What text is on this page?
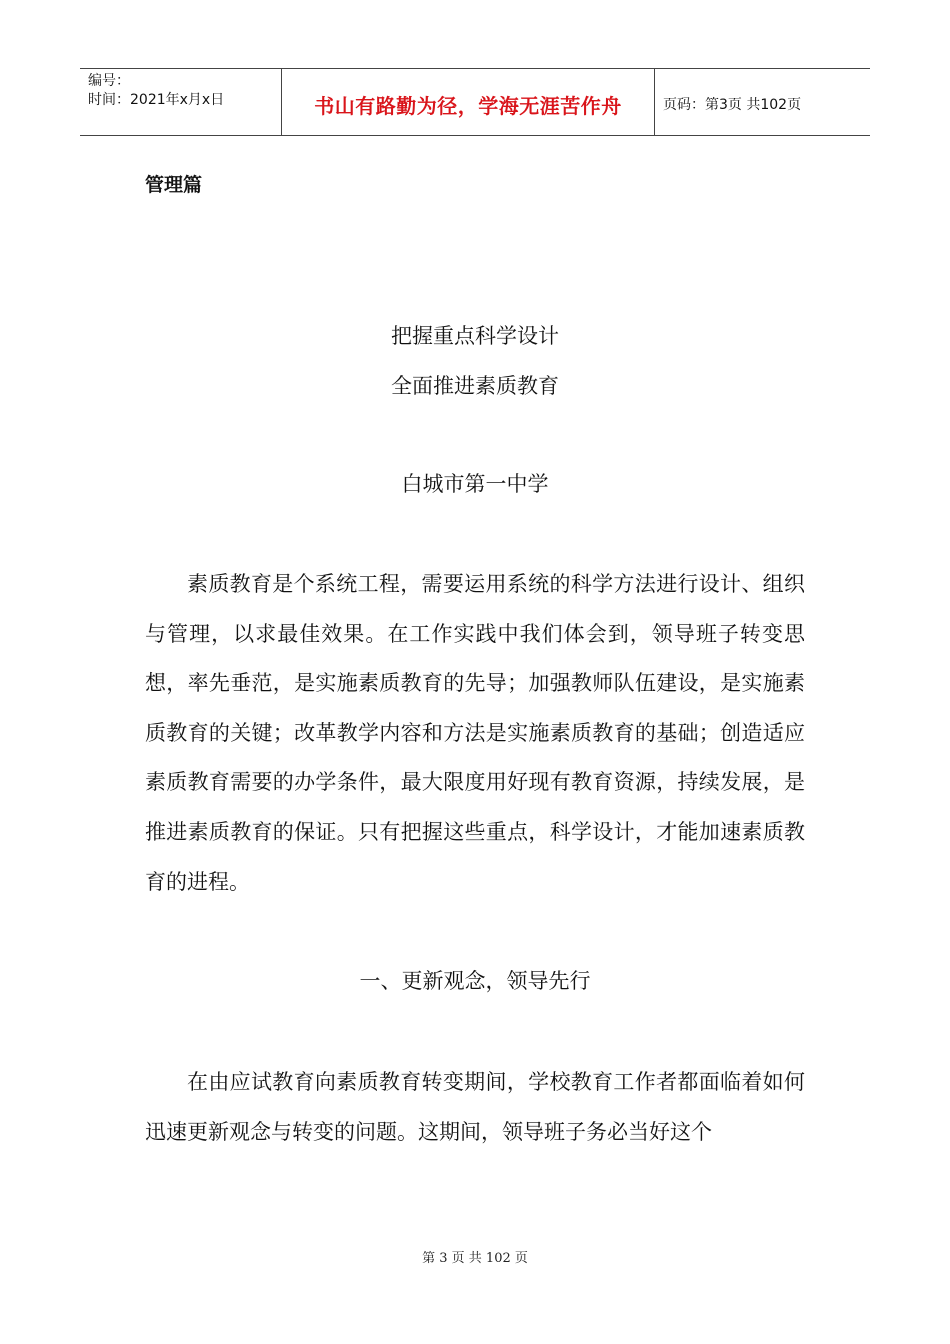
编号：
时间：2021年x月x日	书山有路勤为径，学海无涯苦作舟	页码：第3页 共102页
管理篇
把握重点科学设计
全面推进素质教育
白城市第一中学

素质教育是个系统工程，需要运用系统的科学方法进行设计、组织与管理，以求最佳效果。在工作实践中我们体会到，领导班子转变思想，率先垂范，是实施素质教育的先导；加强教师队伍建设，是实施素质教育的关键；改革教学内容和方法是实施素质教育的基础；创造适应素质教育需要的办学条件，最大限度用好现有教育资源，持续发展，是推进素质教育的保证。只有把握这些重点，科学设计，才能加速素质教育的进程。

一、更新观念，领导先行

在由应试教育向素质教育转变期间，学校教育工作者都面临着如何迅速更新观念与转变的问题。这期间，领导班子务必当好这个

第 3 页 共 102 页
